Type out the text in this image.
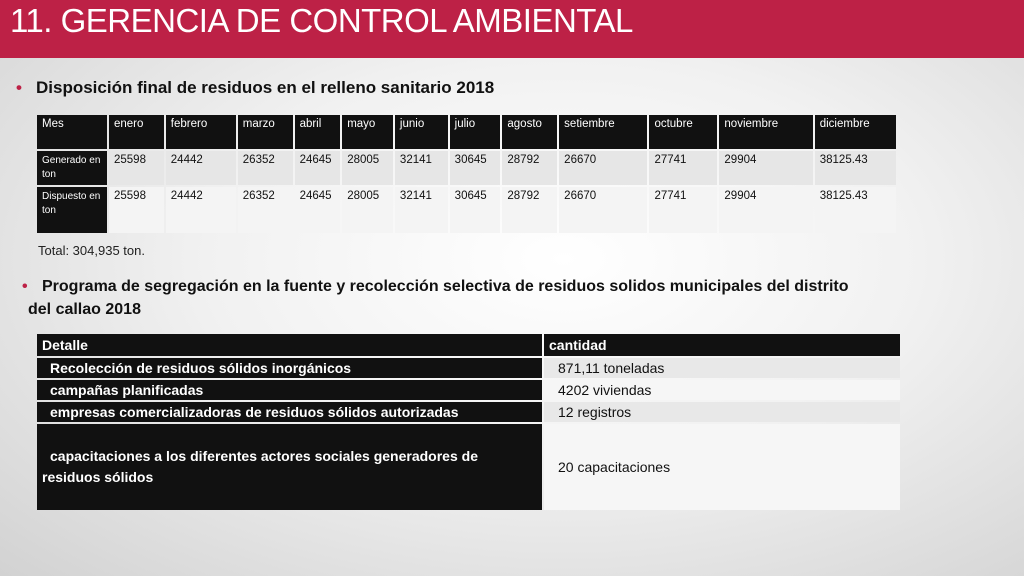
11. GERENCIA DE CONTROL AMBIENTAL
• Disposición final de residuos en el relleno sanitario 2018
Mes	enero	febrero	marzo	abril	mayo	junio	julio	agosto	setiembre	octubre	noviembre	diciembre
Generado en ton	25598	24442	26352	24645	28005	32141	30645	28792	26670	27741	29904	38125.43
Dispuesto en ton	25598	24442	26352	24645	28005	32141	30645	28792	26670	27741	29904	38125.43
Total: 304,935 ton.
• Programa de segregación en la fuente y recolección selectiva de residuos solidos municipales del distrito
del callao 2018
Detalle	cantidad
Recolección de residuos sólidos inorgánicos	871,11 toneladas
campañas planificadas	4202 viviendas
empresas comercializadoras de residuos sólidos autorizadas	12 registros
capacitaciones a los diferentes actores sociales generadores de residuos sólidos	20 capacitaciones
